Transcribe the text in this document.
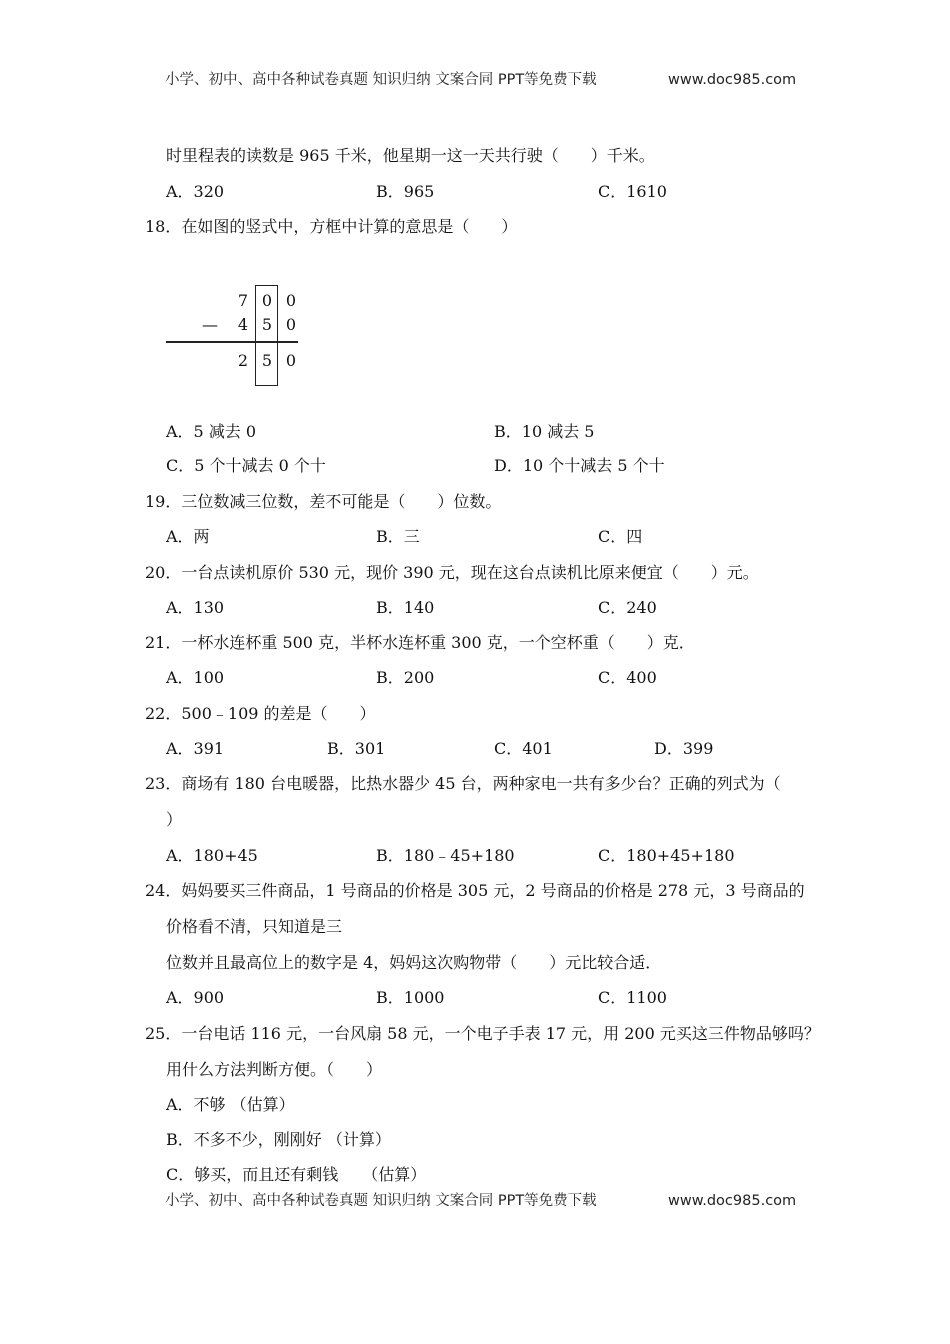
小学、初中、高中各种试卷真题 知识归纳 文案合同 PPT等免费下载	www.doc985.com
时里程表的读数是 965 千米，他星期一这一天共行驶（　　）千米。
A．320	B．965	C．1610
18．在如图的竖式中，方框中计算的意思是（　　）
7 0 0
—	4 5 0
2 5 0
A．5 减去 0	B．10 减去 5
C．5 个十减去 0 个十	D．10 个十减去 5 个十
19．三位数减三位数，差不可能是（　　）位数。
A．两	B．三	C．四
20．一台点读机原价 530 元，现价 390 元，现在这台点读机比原来便宜（　　）元。
A．130	B．140	C．240
21．一杯水连杯重 500 克，半杯水连杯重 300 克，一个空杯重（　　）克．
A．100	B．200	C．400
22．500﹣109 的差是（　　）
A．391	B．301	C．401	D．399
23．商场有 180 台电暖器，比热水器少 45 台，两种家电一共有多少台？正确的列式为（
）
A．180+45	B．180﹣45+180	C．180+45+180
24．妈妈要买三件商品，1 号商品的价格是 305 元，2 号商品的价格是 278 元，3 号商品的
价格看不清，只知道是三
位数并且最高位上的数字是 4，妈妈这次购物带（　　）元比较合适．
A．900	B．1000	C．1100
25．一台电话 116 元，一台风扇 58 元，一个电子手表 17 元，用 200 元买这三件物品够吗？
用什么方法判断方便。（　　）
A．不够 （估算）
B．不多不少，刚刚好 （计算）
C．够买，而且还有剩钱　　（估算）
小学、初中、高中各种试卷真题 知识归纳 文案合同 PPT等免费下载	www.doc985.com
